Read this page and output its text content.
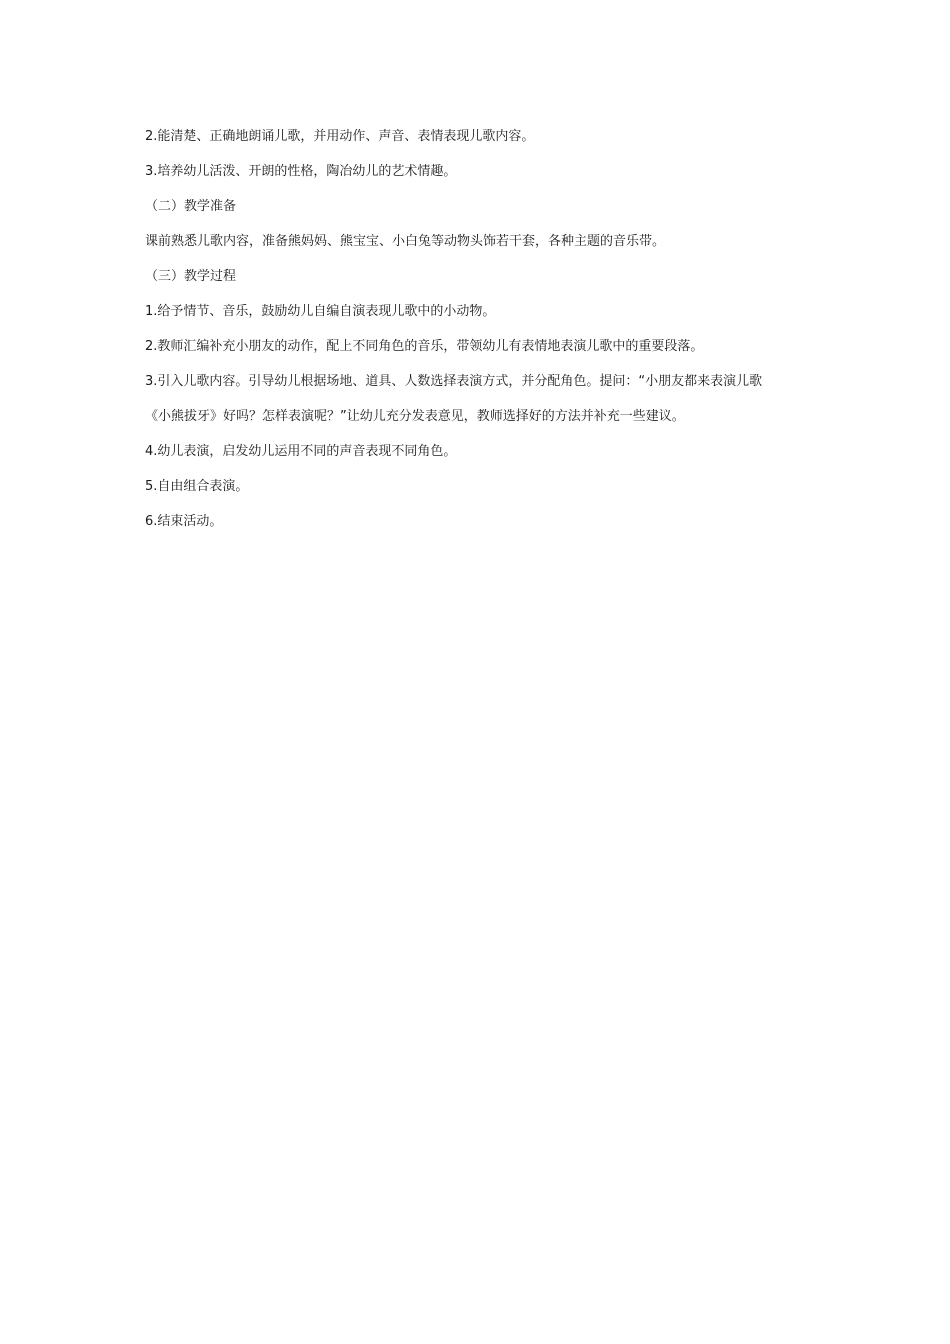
2.能清楚、正确地朗诵儿歌，并用动作、声音、表情表现儿歌内容。

3.培养幼儿活泼、开朗的性格，陶冶幼儿的艺术情趣。

（二）教学准备

课前熟悉儿歌内容，准备熊妈妈、熊宝宝、小白兔等动物头饰若干套，各种主题的音乐带。

（三）教学过程

1.给予情节、音乐，鼓励幼儿自编自演表现儿歌中的小动物。

2.教师汇编补充小朋友的动作，配上不同角色的音乐，带领幼儿有表情地表演儿歌中的重要段落。

3.引入儿歌内容。引导幼儿根据场地、道具、人数选择表演方式，并分配角色。提问：“小朋友都来表演儿歌

《小熊拔牙》好吗？怎样表演呢？”让幼儿充分发表意见，教师选择好的方法并补充一些建议。

4.幼儿表演，启发幼儿运用不同的声音表现不同角色。

5.自由组合表演。

6.结束活动。
